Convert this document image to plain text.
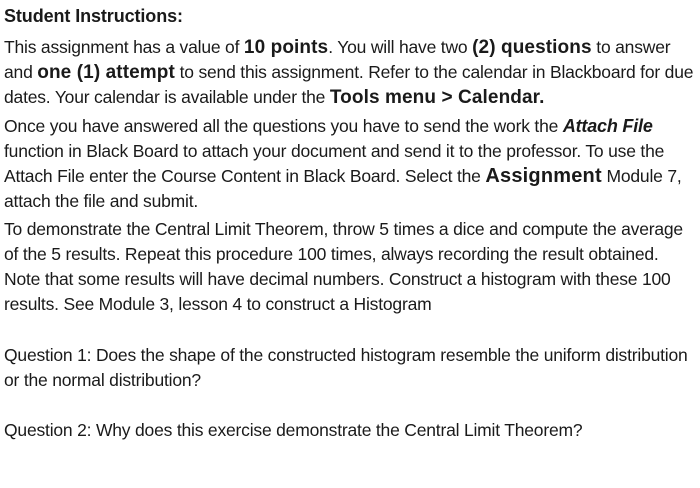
Student Instructions:

This assignment has a value of 10 points. You will have two (2) questions to answer and one (1) attempt to send this assignment. Refer to the calendar in Blackboard for due dates. Your calendar is available under the Tools menu > Calendar.

Once you have answered all the questions you have to send the work the Attach File function in Black Board to attach your document and send it to the professor. To use the Attach File enter the Course Content in Black Board. Select the Assignment Module 7, attach the file and submit.

To demonstrate the Central Limit Theorem, throw 5 times a dice and compute the average of the 5 results. Repeat this procedure 100 times, always recording the result obtained. Note that some results will have decimal numbers. Construct a histogram with these 100 results. See Module 3, lesson 4 to construct a Histogram

Question 1: Does the shape of the constructed histogram resemble the uniform distribution or the normal distribution?

Question 2: Why does this exercise demonstrate the Central Limit Theorem?
